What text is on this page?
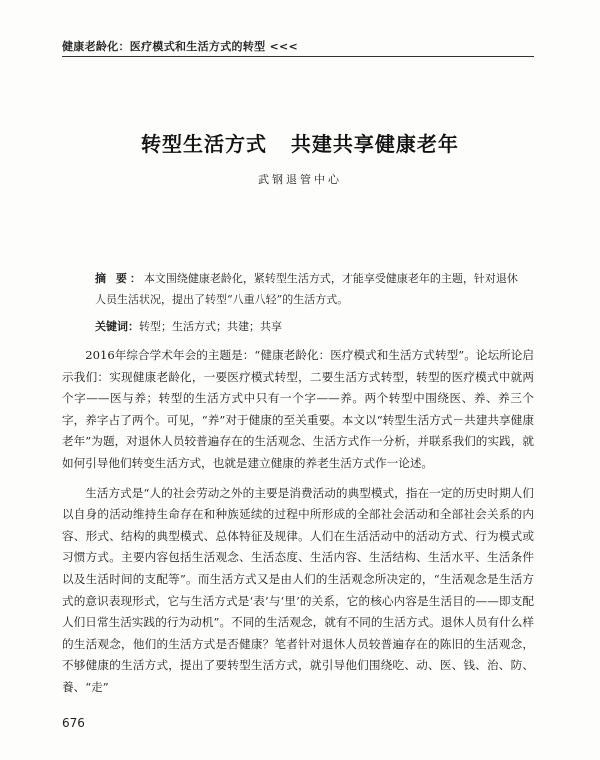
健康老龄化：医疗模式和生活方式的转型 <<<
转型生活方式   共建共享健康老年
武钢退管中心
摘 要：本文围绕健康老龄化，紧转型生活方式，才能享受健康老年的主题，针对退休人员生活状况，提出了转型“八重八轻”的生活方式。
关键词：转型；生活方式；共建；共享

2016年综合学术年会的主题是：“健康老龄化：医疗模式和生活方式转型”。论坛所论启示我们：实现健康老龄化，一要医疗模式转型，二要生活方式转型，转型的医疗模式中就两个字——医与养；转型的生活方式中只有一个字——养。两个转型中围绕医、养、养三个字，养字占了两个。可见，“养”对于健康的至关重要。本文以“转型生活方式－共建共享健康老年”为题，对退休人员较普遍存在的生活观念、生活方式作一分析，并联系我们的实践，就如何引导他们转变生活方式，也就是建立健康的养老生活方式作一论述。

生活方式是“人的社会劳动之外的主要是消费活动的典型模式，指在一定的历史时期人们以自身的活动维持生命存在和种族延续的过程中所形成的全部社会活动和全部社会关系的内容、形式、结构的典型模式、总体特征及规律。人们在生活活动中的活动方式、行为模式或习惯方式。主要内容包括生活观念、生活态度、生活内容、生活结构、生活水平、生活条件以及生活时间的支配等”。而生活方式又是由人们的生活观念所决定的，“生活观念是生活方式的意识表现形式，它与生活方式是‘表’与‘里’的关系，它的核心内容是生活目的——即支配人们日常生活实践的行为动机”。不同的生活观念，就有不同的生活方式。退休人员有什么样的生活观念，他们的生活方式是否健康？笔者针对退休人员较普遍存在的陈旧的生活观念，不够健康的生活方式，提出了要转型生活方式，就引导他们围绕吃、动、医、钱、治、防、養、“走”

676
